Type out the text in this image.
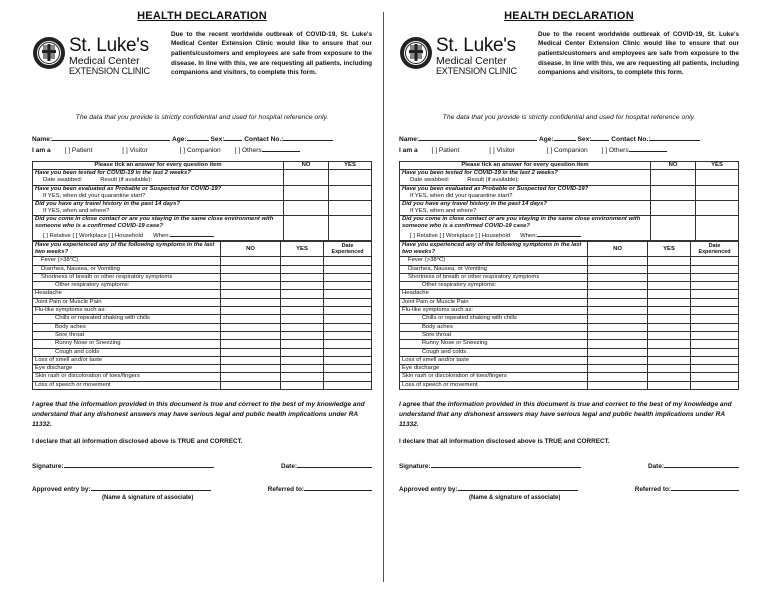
HEALTH DECLARATION
St. Luke's
Medical Center
EXTENSION CLINIC
Due to the recent worldwide outbreak of COVID-19, St. Luke's Medical Center Extension Clinic would like to ensure that our patients/customers and employees are safe from exposure to the disease. In line with this, we are requesting all patients, including companions and visitors, to complete this form.
The data that you provide is strictly confidential and used for hospital reference only.
Name:	Age:	Sex:	Contact No.:
I am a [ ] Patient	[ ] Visitor	[ ] Companion [ ] Others
Please tick an answer for every question item	NO	YES

Have you been tested for COVID-19 in the last 2 weeks?
Date swabbed: Result (if available):		

Have you been evaluated as Probable or Suspected for COVID-19?
If YES, when did your quarantine start?		

Did you have any travel history in the past 14 days?
If YES, when and where?		

Did you come in close contact or are you staying in the same close environment with someone who is a confirmed COVID-19 case?
[ ] Relative [ ] Workplace [ ] Household When:		

Have you experienced any of the following symptoms in the last two weeks?	NO	YES	Date Experienced
Fever (>38°C)			
Diarrhea, Nausea, or Vomiting			
Shortness of breath or other respiratory symptoms			
Other respiratory symptoms:			
Headache			
Joint Pain or Muscle Pain			
Flu-like symptoms such as:			
Chills or repeated shaking with chills			
Body aches			
Sore throat			
Runny Nose or Sneezing			
Cough and colds			
Loss of smell and/or taste			
Eye discharge			
Skin rash or discoloration of toes/fingers			
Loss of speech or movement			
I agree that the information provided in this document is true and correct to the best of my knowledge and understand that any dishonest answers may have serious legal and public health implications under RA 11332.
I declare that all information disclosed above is TRUE and CORRECT.
Signature:	Date:
Approved entry by:	Referred to:
(Name & signature of associate)
HEALTH DECLARATION
St. Luke's
Medical Center
EXTENSION CLINIC
Due to the recent worldwide outbreak of COVID-19, St. Luke's Medical Center Extension Clinic would like to ensure that our patients/customers and employees are safe from exposure to the disease. In line with this, we are requesting all patients, including companions and visitors, to complete this form.
The data that you provide is strictly confidential and used for hospital reference only.
Name:	Age:	Sex:	Contact No.:
I am a [ ] Patient	[ ] Visitor	[ ] Companion [ ] Others
Please tick an answer for every question item	NO	YES

Have you been tested for COVID-19 in the last 2 weeks?
Date swabbed: Result (if available):		

Have you been evaluated as Probable or Suspected for COVID-19?
If YES, when did your quarantine start?		

Did you have any travel history in the past 14 days?
If YES, when and where?		

Did you come in close contact or are you staying in the same close environment with someone who is a confirmed COVID-19 case?
[ ] Relative [ ] Workplace [ ] Household When:		

Have you experienced any of the following symptoms in the last two weeks?	NO	YES	Date Experienced
Fever (>38°C)			
Diarrhea, Nausea, or Vomiting			
Shortness of breath or other respiratory symptoms			
Other respiratory symptoms:			
Headache			
Joint Pain or Muscle Pain			
Flu-like symptoms such as:			
Chills or repeated shaking with chills			
Body aches			
Sore throat			
Runny Nose or Sneezing			
Cough and colds			
Loss of smell and/or taste			
Eye discharge			
Skin rash or discoloration of toes/fingers			
Loss of speech or movement			
I agree that the information provided in this document is true and correct to the best of my knowledge and understand that any dishonest answers may have serious legal and public health implications under RA 11332.
I declare that all information disclosed above is TRUE and CORRECT.
Signature:	Date:
Approved entry by:	Referred to:
(Name & signature of associate)
